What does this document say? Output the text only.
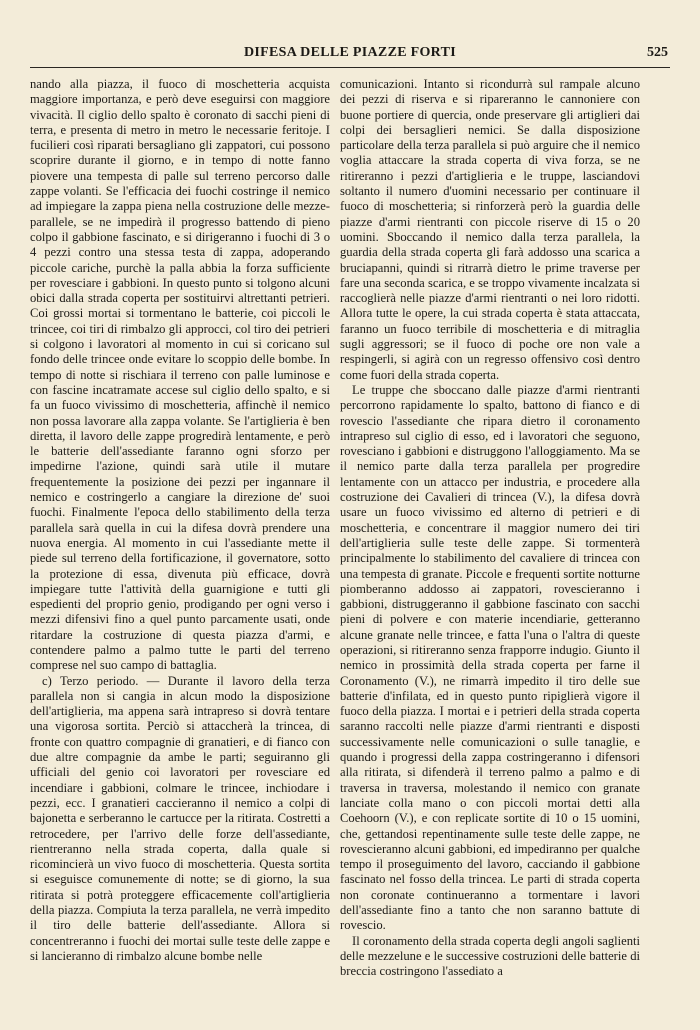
DIFESA DELLE PIAZZE FORTI	525

nando alla piazza, il fuoco di moschetteria acquista maggiore importanza, e però deve eseguirsi con maggiore vivacità. Il ciglio dello spalto è coronato di sacchi pieni di terra, e presenta di metro in metro le necessarie feritoje. I fucilieri così riparati bersagliano gli zappatori, cui possono scoprire durante il giorno, e in tempo di notte fanno piovere una tempesta di palle sul terreno percorso dalle zappe volanti. Se l'efficacia dei fuochi costringe il nemico ad impiegare la zappa piena nella costruzione delle mezze-parallele, se ne impedirà il progresso battendo di pieno colpo il gabbione fascinato, e si dirigeranno i fuochi di 3 o 4 pezzi contro una stessa testa di zappa, adoperando piccole cariche, purchè la palla abbia la forza sufficiente per rovesciare i gabbioni. In questo punto si tolgono alcuni obici dalla strada coperta per sostituirvi altrettanti petrieri. Coi grossi mortai si tormentano le batterie, coi piccoli le trincee, coi tiri di rimbalzo gli approcci, col tiro dei petrieri si colgono i lavoratori al momento in cui si coricano sul fondo delle trincee onde evitare lo scoppio delle bombe. In tempo di notte si rischiara il terreno con palle luminose e con fascine incatramate accese sul ciglio dello spalto, e si fa un fuoco vivissimo di moschetteria, affinchè il nemico non possa lavorare alla zappa volante. Se l'artiglieria è ben diretta, il lavoro delle zappe progredirà lentamente, e però le batterie dell'assediante faranno ogni sforzo per impedirne l'azione, quindi sarà utile il mutare frequentemente la posizione dei pezzi per ingannare il nemico e costringerlo a cangiare la direzione de' suoi fuochi. Finalmente l'epoca dello stabilimento della terza parallela sarà quella in cui la difesa dovrà prendere una nuova energia. Al momento in cui l'assediante mette il piede sul terreno della fortificazione, il governatore, sotto la protezione di essa, divenuta più efficace, dovrà impiegare tutte l'attività della guarnigione e tutti gli espedienti del proprio genio, prodigando per ogni verso i mezzi difensivi fino a quel punto parcamente usati, onde ritardare la costruzione di questa piazza d'armi, e contendere palmo a palmo tutte le parti del terreno comprese nel suo campo di battaglia.

c) Terzo periodo. — Durante il lavoro della terza parallela non si cangia in alcun modo la disposizione dell'artiglieria, ma appena sarà intrapreso si dovrà tentare una vigorosa sortita. Perciò si attaccherà la trincea, di fronte con quattro compagnie di granatieri, e di fianco con due altre compagnie da ambe le parti; seguiranno gli ufficiali del genio coi lavoratori per rovesciare ed incendiare i gabbioni, colmare le trincee, inchiodare i pezzi, ecc. I granatieri caccieranno il nemico a colpi di bajonetta e serberanno le cartucce per la ritirata. Costretti a retrocedere, per l'arrivo delle forze dell'assediante, rientreranno nella strada coperta, dalla quale si ricomincierà un vivo fuoco di moschetteria. Questa sortita si eseguisce comunemente di notte; se di giorno, la sua ritirata si potrà proteggere efficacemente coll'artiglieria della piazza. Compiuta la terza parallela, ne verrà impedito il tiro delle batterie dell'assediante. Allora si concentreranno i fuochi dei mortai sulle teste delle zappe e si lancieranno di rimbalzo alcune bombe nelle

comunicazioni. Intanto si ricondurrà sul rampale alcuno dei pezzi di riserva e si ripareranno le cannoniere con buone portiere di quercia, onde preservare gli artiglieri dai colpi dei bersaglieri nemici. Se dalla disposizione particolare della terza parallela si può arguire che il nemico voglia attaccare la strada coperta di viva forza, se ne ritireranno i pezzi d'artiglieria e le truppe, lasciandovi soltanto il numero d'uomini necessario per continuare il fuoco di moschetteria; si rinforzerà però la guardia delle piazze d'armi rientranti con piccole riserve di 15 o 20 uomini. Sboccando il nemico dalla terza parallela, la guardia della strada coperta gli farà addosso una scarica a bruciapanni, quindi si ritrarrà dietro le prime traverse per fare una seconda scarica, e se troppo vivamente incalzata si raccoglierà nelle piazze d'armi rientranti o nei loro ridotti. Allora tutte le opere, la cui strada coperta è stata attaccata, faranno un fuoco terribile di moschetteria e di mitraglia sugli aggressori; se il fuoco di poche ore non vale a respingerli, si agirà con un regresso offensivo così dentro come fuori della strada coperta.

Le truppe che sboccano dalle piazze d'armi rientranti percorrono rapidamente lo spalto, battono di fianco e di rovescio l'assediante che ripara dietro il coronamento intrapreso sul ciglio di esso, ed i lavoratori che seguono, rovesciano i gabbioni e distruggono l'alloggiamento. Ma se il nemico parte dalla terza parallela per progredire lentamente con un attacco per industria, e procedere alla costruzione dei Cavalieri di trincea (V.), la difesa dovrà usare un fuoco vivissimo ed alterno di petrieri e di moschetteria, e concentrare il maggior numero dei tiri dell'artiglieria sulle teste delle zappe. Si tormenterà principalmente lo stabilimento del cavaliere di trincea con una tempesta di granate. Piccole e frequenti sortite notturne piomberanno addosso ai zappatori, rovescieranno i gabbioni, distruggeranno il gabbione fascinato con sacchi pieni di polvere e con materie incendiarie, getteranno alcune granate nelle trincee, e fatta l'una o l'altra di queste operazioni, si ritireranno senza frapporre indugio. Giunto il nemico in prossimità della strada coperta per farne il Coronamento (V.), ne rimarrà impedito il tiro delle sue batterie d'infilata, ed in questo punto ripiglierà vigore il fuoco della piazza. I mortai e i petrieri della strada coperta saranno raccolti nelle piazze d'armi rientranti e disposti successivamente nelle comunicazioni o sulle tanaglie, e quando i progressi della zappa costringeranno i difensori alla ritirata, si difenderà il terreno palmo a palmo e di traversa in traversa, molestando il nemico con granate lanciate colla mano o con piccoli mortai detti alla Coehoorn (V.), e con replicate sortite di 10 o 15 uomini, che, gettandosi repentinamente sulle teste delle zappe, ne rovescieranno alcuni gabbioni, ed impediranno per qualche tempo il proseguimento del lavoro, cacciando il gabbione fascinato nel fosso della trincea. Le parti di strada coperta non coronate continueranno a tormentare i lavori dell'assediante fino a tanto che non saranno battute di rovescio.

Il coronamento della strada coperta degli angoli saglienti delle mezzelune e le successive costruzioni delle batterie di breccia costringono l'assediato a
